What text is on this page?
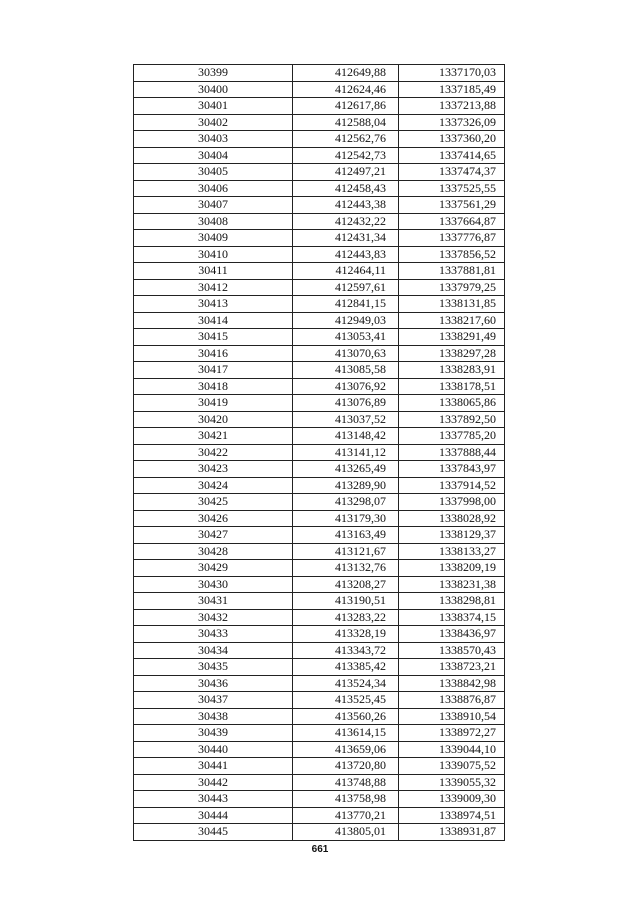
30399	412649,88	1337170,03
30400	412624,46	1337185,49
30401	412617,86	1337213,88
30402	412588,04	1337326,09
30403	412562,76	1337360,20
30404	412542,73	1337414,65
30405	412497,21	1337474,37
30406	412458,43	1337525,55
30407	412443,38	1337561,29
30408	412432,22	1337664,87
30409	412431,34	1337776,87
30410	412443,83	1337856,52
30411	412464,11	1337881,81
30412	412597,61	1337979,25
30413	412841,15	1338131,85
30414	412949,03	1338217,60
30415	413053,41	1338291,49
30416	413070,63	1338297,28
30417	413085,58	1338283,91
30418	413076,92	1338178,51
30419	413076,89	1338065,86
30420	413037,52	1337892,50
30421	413148,42	1337785,20
30422	413141,12	1337888,44
30423	413265,49	1337843,97
30424	413289,90	1337914,52
30425	413298,07	1337998,00
30426	413179,30	1338028,92
30427	413163,49	1338129,37
30428	413121,67	1338133,27
30429	413132,76	1338209,19
30430	413208,27	1338231,38
30431	413190,51	1338298,81
30432	413283,22	1338374,15
30433	413328,19	1338436,97
30434	413343,72	1338570,43
30435	413385,42	1338723,21
30436	413524,34	1338842,98
30437	413525,45	1338876,87
30438	413560,26	1338910,54
30439	413614,15	1338972,27
30440	413659,06	1339044,10
30441	413720,80	1339075,52
30442	413748,88	1339055,32
30443	413758,98	1339009,30
30444	413770,21	1338974,51
30445	413805,01	1338931,87
661
